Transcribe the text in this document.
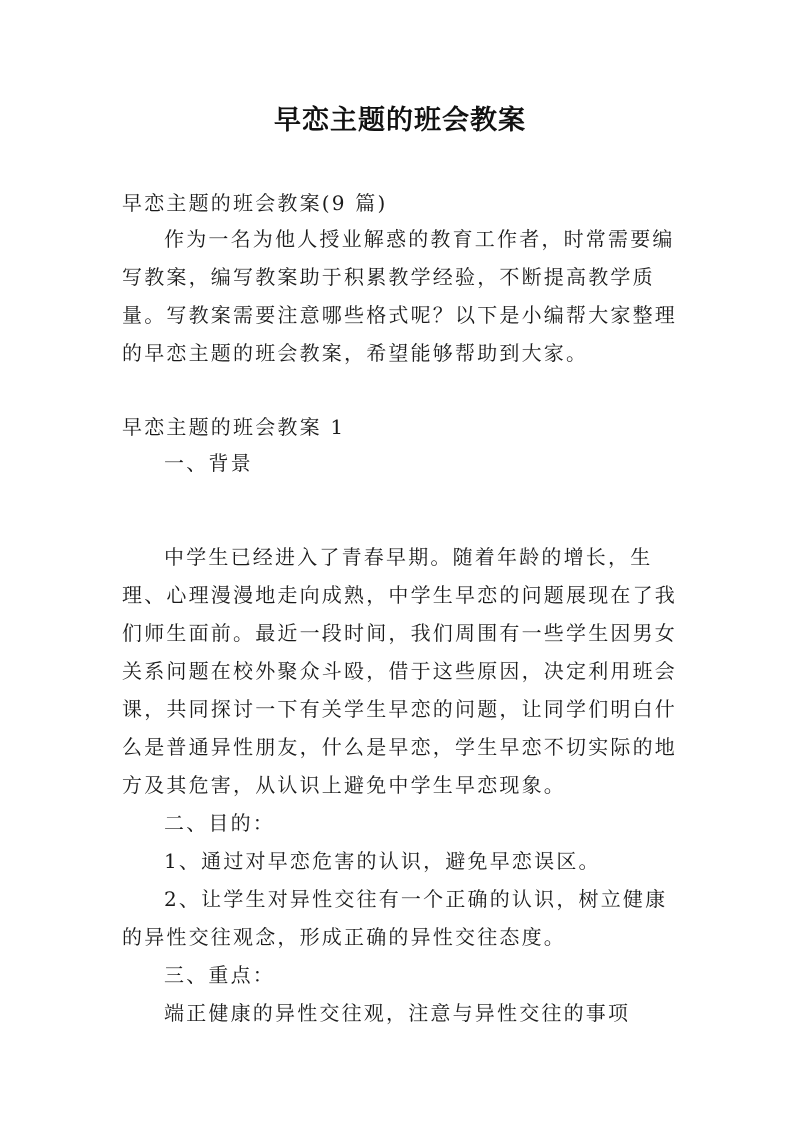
早恋主题的班会教案

早恋主题的班会教案(9 篇)

作为一名为他人授业解惑的教育工作者，时常需要编写教案，编写教案助于积累教学经验，不断提高教学质量。写教案需要注意哪些格式呢？以下是小编帮大家整理的早恋主题的班会教案，希望能够帮助到大家。

早恋主题的班会教案 1

一、背景

中学生已经进入了青春早期。随着年龄的增长，生理、心理漫漫地走向成熟，中学生早恋的问题展现在了我们师生面前。最近一段时间，我们周围有一些学生因男女关系问题在校外聚众斗殴，借于这些原因，决定利用班会课，共同探讨一下有关学生早恋的问题，让同学们明白什么是普通异性朋友，什么是早恋，学生早恋不切实际的地方及其危害，从认识上避免中学生早恋现象。

二、目的：

1、通过对早恋危害的认识，避免早恋误区。

2、让学生对异性交往有一个正确的认识，树立健康的异性交往观念，形成正确的异性交往态度。

三、重点：

端正健康的异性交往观，注意与异性交往的事项
